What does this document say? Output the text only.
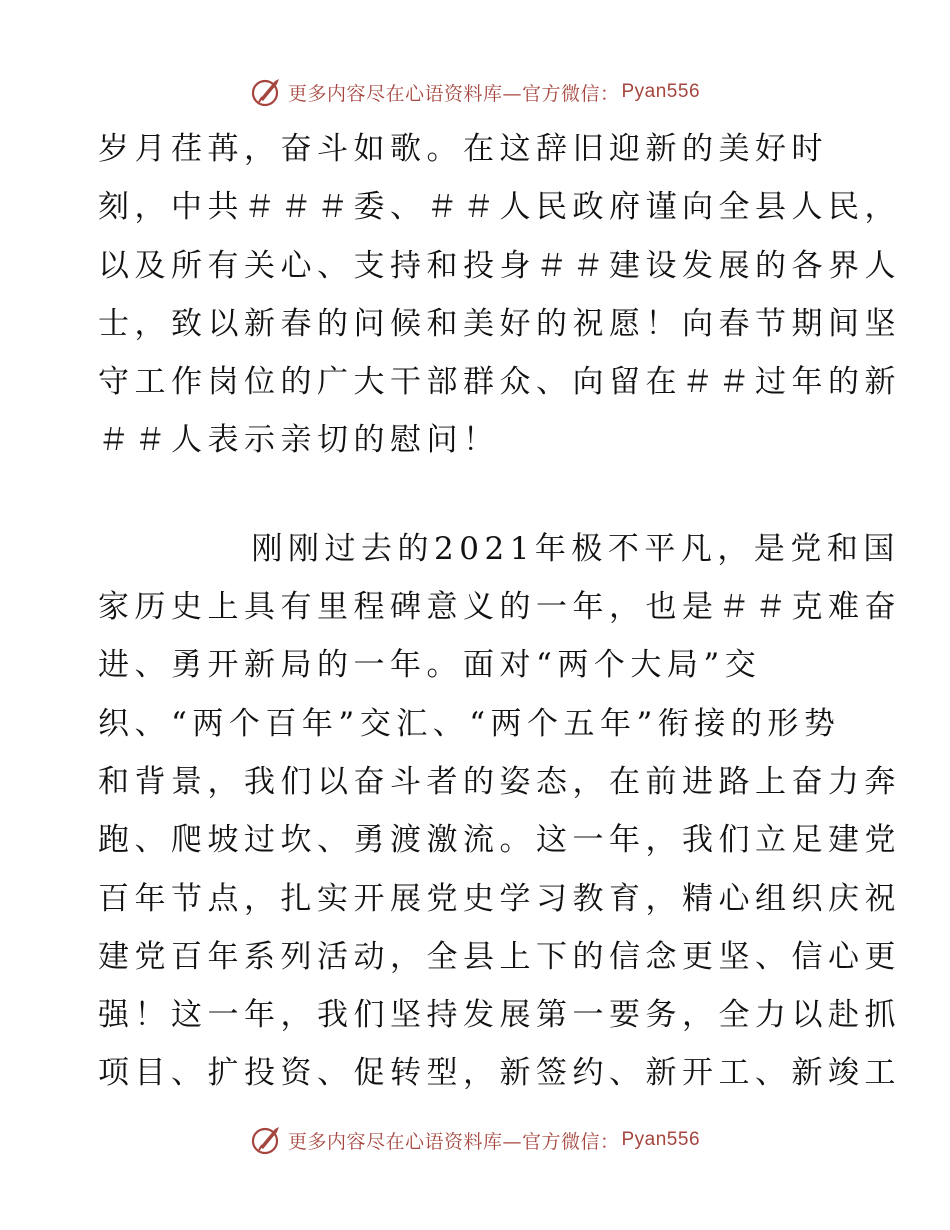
更多内容尽在心语资料库—官方微信： Pyan556
岁月荏苒，奋斗如歌。在这辞旧迎新的美好时
刻，中共＃＃＃委、＃＃人民政府谨向全县人民，
以及所有关心、支持和投身＃＃建设发展的各界人
士，致以新春的问候和美好的祝愿！向春节期间坚
守工作岗位的广大干部群众、向留在＃＃过年的新
＃＃人表示亲切的慰问！
刚刚过去的2021年极不平凡，是党和国
家历史上具有里程碑意义的一年，也是＃＃克难奋
进、勇开新局的一年。面对“两个大局”交
织、“两个百年”交汇、“两个五年”衔接的形势
和背景，我们以奋斗者的姿态，在前进路上奋力奔
跑、爬坡过坎、勇渡激流。这一年，我们立足建党
百年节点，扎实开展党史学习教育，精心组织庆祝
建党百年系列活动，全县上下的信念更坚、信心更
强！这一年，我们坚持发展第一要务，全力以赴抓
项目、扩投资、促转型，新签约、新开工、新竣工
更多内容尽在心语资料库—官方微信： Pyan556
